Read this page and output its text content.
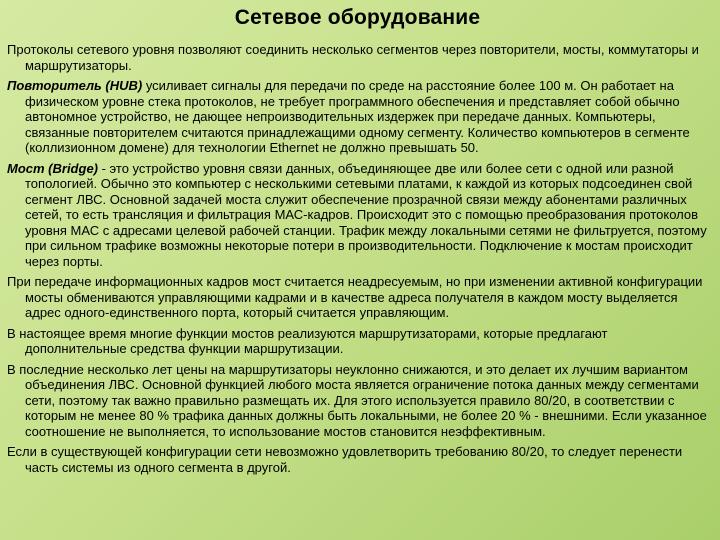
Сетевое оборудование

Протоколы сетевого уровня позволяют соединить несколько сегментов через повторители, мосты, коммутаторы и маршрутизаторы.

Повторитель (HUB) усиливает сигналы для передачи по среде на расстояние более 100 м. Он работает на физическом уровне стека протоколов, не требует программного обеспечения и представляет собой обычно автономное устройство, не дающее непроизводительных издержек при передаче данных. Компьютеры, связанные повторителем считаются принадлежащими одному сегменту. Количество компьютеров в сегменте (коллизионном домене) для технологии Ethernet не должно превышать 50.

Мост (Bridge) - это устройство уровня связи данных, объединяющее две или более сети с одной или разной топологией. Обычно это компьютер с несколькими сетевыми платами, к каждой из которых подсоединен свой сегмент ЛВС. Основной задачей моста служит обеспечение прозрачной связи между абонентами различных сетей, то есть трансляция и фильтрация МАС-кадров. Происходит это с помощью преобразования протоколов уровня МАС с адресами целевой рабочей станции. Трафик между локальными сетями не фильтруется, поэтому при сильном трафике возможны некоторые потери в производительности. Подключение к мостам происходит через порты.

При передаче информационных кадров мост считается неадресуемым, но при изменении активной конфигурации мосты обмениваются управляющими кадрами и в качестве адреса получателя в каждом мосту выделяется адрес одного-единственного порта, который считается управляющим.

В настоящее время многие функции мостов реализуются маршрутизаторами, которые предлагают дополнительные средства функции маршрутизации.

В последние несколько лет цены на маршрутизаторы неуклонно снижаются, и это делает их лучшим вариантом объединения ЛВС. Основной функцией любого моста является ограничение потока данных между сегментами сети, поэтому так важно правильно размещать их. Для этого используется правило 80/20, в соответствии с которым не менее 80 % трафика данных должны быть локальными, не более 20 % - внешними. Если указанное соотношение не выполняется, то использование мостов становится неэффективным.

Если в существующей конфигурации сети невозможно удовлетворить требованию 80/20, то следует перенести часть системы из одного сегмента в другой.
